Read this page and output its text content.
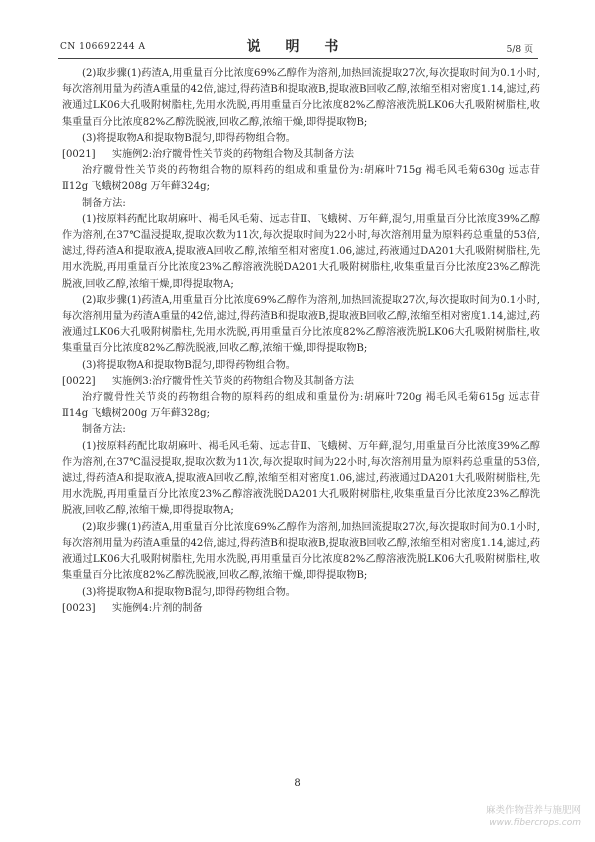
CN 106692244 A	说 明 书	5/8 页

(2)取步骤(1)药渣A,用重量百分比浓度69%乙醇作为溶剂,加热回流提取27次,每次提取时间为0.1小时,每次溶剂用量为药渣A重量的42倍,滤过,得药渣B和提取液B,提取液B回收乙醇,浓缩至相对密度1.14,滤过,药液通过LK06大孔吸附树脂柱,先用水洗脱,再用重量百分比浓度82%乙醇溶液洗脱LK06大孔吸附树脂柱,收集重量百分比浓度82%乙醇洗脱液,回收乙醇,浓缩干燥,即得提取物B;

(3)将提取物A和提取物B混匀,即得药物组合物。

[0021]	实施例2:治疗髋骨性关节炎的药物组合物及其制备方法

治疗髋骨性关节炎的药物组合物的原料药的组成和重量份为:胡麻叶715g 褐毛风毛菊630g 远志苷Ⅱ12g 飞蛾树208g 万年藓324g;

制备方法:

(1)按原料药配比取胡麻叶、褐毛风毛菊、远志苷Ⅱ、飞蛾树、万年藓,混匀,用重量百分比浓度39%乙醇作为溶剂,在37℃温浸提取,提取次数为11次,每次提取时间为22小时,每次溶剂用量为原料药总重量的53倍,滤过,得药渣A和提取液A,提取液A回收乙醇,浓缩至相对密度1.06,滤过,药液通过DA201大孔吸附树脂柱,先用水洗脱,再用重量百分比浓度23%乙醇溶液洗脱DA201大孔吸附树脂柱,收集重量百分比浓度23%乙醇洗脱液,回收乙醇,浓缩干燥,即得提取物A;

(2)取步骤(1)药渣A,用重量百分比浓度69%乙醇作为溶剂,加热回流提取27次,每次提取时间为0.1小时,每次溶剂用量为药渣A重量的42倍,滤过,得药渣B和提取液B,提取液B回收乙醇,浓缩至相对密度1.14,滤过,药液通过LK06大孔吸附树脂柱,先用水洗脱,再用重量百分比浓度82%乙醇溶液洗脱LK06大孔吸附树脂柱,收集重量百分比浓度82%乙醇洗脱液,回收乙醇,浓缩干燥,即得提取物B;

(3)将提取物A和提取物B混匀,即得药物组合物。

[0022]	实施例3:治疗髋骨性关节炎的药物组合物及其制备方法

治疗髋骨性关节炎的药物组合物的原料药的组成和重量份为:胡麻叶720g 褐毛风毛菊615g 远志苷Ⅱ14g 飞蛾树200g 万年藓328g;

制备方法:

(1)按原料药配比取胡麻叶、褐毛风毛菊、远志苷Ⅱ、飞蛾树、万年藓,混匀,用重量百分比浓度39%乙醇作为溶剂,在37℃温浸提取,提取次数为11次,每次提取时间为22小时,每次溶剂用量为原料药总重量的53倍,滤过,得药渣A和提取液A,提取液A回收乙醇,浓缩至相对密度1.06,滤过,药液通过DA201大孔吸附树脂柱,先用水洗脱,再用重量百分比浓度23%乙醇溶液洗脱DA201大孔吸附树脂柱,收集重量百分比浓度23%乙醇洗脱液,回收乙醇,浓缩干燥,即得提取物A;

(2)取步骤(1)药渣A,用重量百分比浓度69%乙醇作为溶剂,加热回流提取27次,每次提取时间为0.1小时,每次溶剂用量为药渣A重量的42倍,滤过,得药渣B和提取液B,提取液B回收乙醇,浓缩至相对密度1.14,滤过,药液通过LK06大孔吸附树脂柱,先用水洗脱,再用重量百分比浓度82%乙醇溶液洗脱LK06大孔吸附树脂柱,收集重量百分比浓度82%乙醇洗脱液,回收乙醇,浓缩干燥,即得提取物B;

(3)将提取物A和提取物B混匀,即得药物组合物。

[0023]	实施例4:片剂的制备
8
麻类作物营养与施肥网
www.fibercrops.com
